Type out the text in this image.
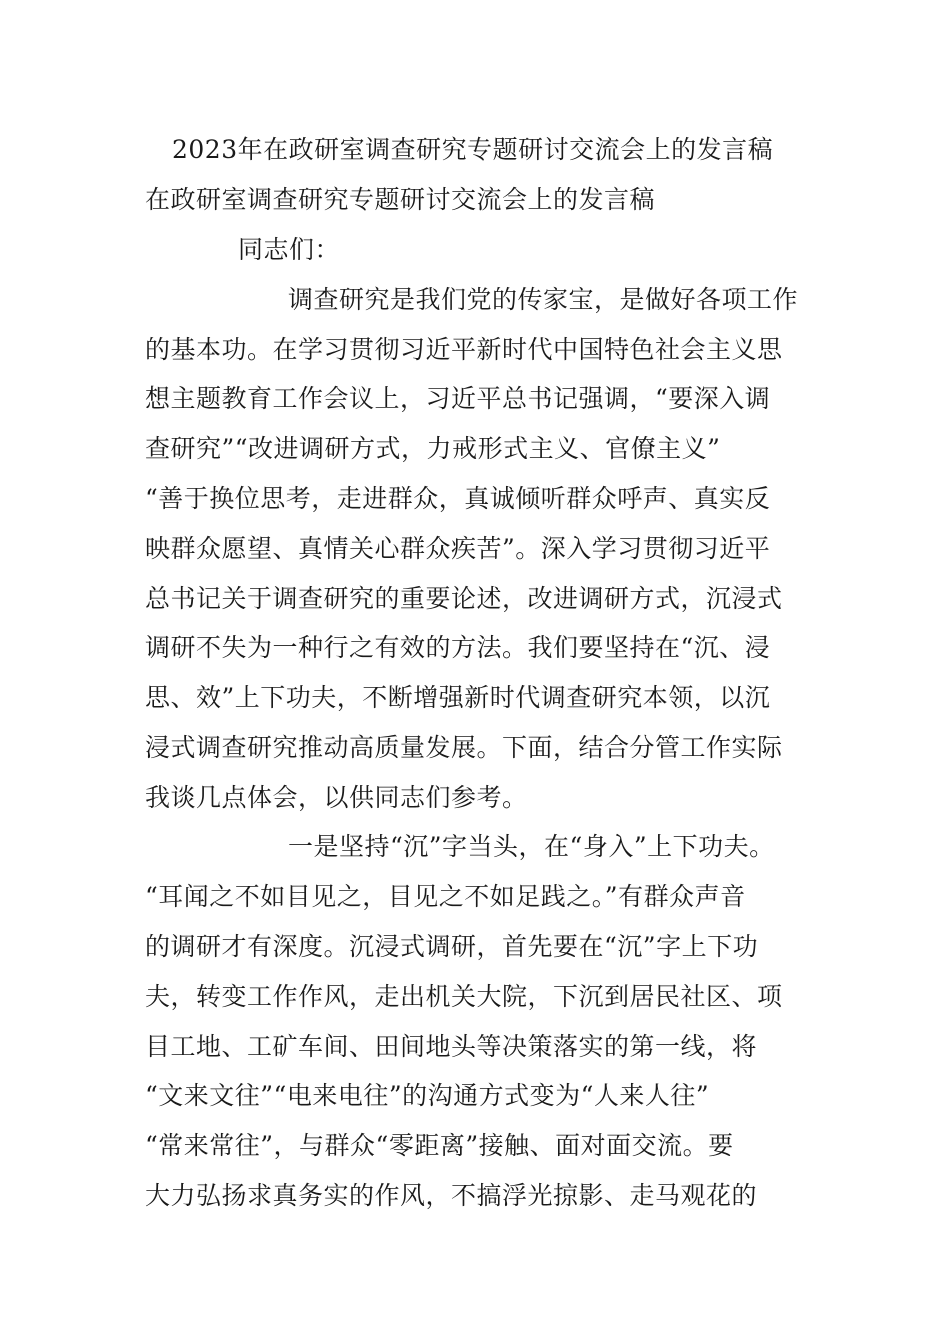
2023年在政研室调查研究专题研讨交流会上的发言稿

在政研室调查研究专题研讨交流会上的发言稿

同志们：

调查研究是我们党的传家宝，是做好各项工作

的基本功。在学习贯彻习近平新时代中国特色社会主义思

想主题教育工作会议上，习近平总书记强调，“要深入调

查研究”“改进调研方式，力戒形式主义、官僚主义”

“善于换位思考，走进群众，真诚倾听群众呼声、真实反

映群众愿望、真情关心群众疾苦”。深入学习贯彻习近平

总书记关于调查研究的重要论述，改进调研方式，沉浸式

调研不失为一种行之有效的方法。我们要坚持在“沉、浸

思、效”上下功夫，不断增强新时代调查研究本领，以沉

浸式调查研究推动高质量发展。下面，结合分管工作实际

我谈几点体会，以供同志们参考。

一是坚持“沉”字当头，在“身入”上下功夫。

“耳闻之不如目见之，目见之不如足践之。”有群众声音

的调研才有深度。沉浸式调研，首先要在“沉”字上下功

夫，转变工作作风，走出机关大院，下沉到居民社区、项

目工地、工矿车间、田间地头等决策落实的第一线，将

“文来文往”“电来电往”的沟通方式变为“人来人往”

“常来常往”，与群众“零距离”接触、面对面交流。要

大力弘扬求真务实的作风，不搞浮光掠影、走马观花的
